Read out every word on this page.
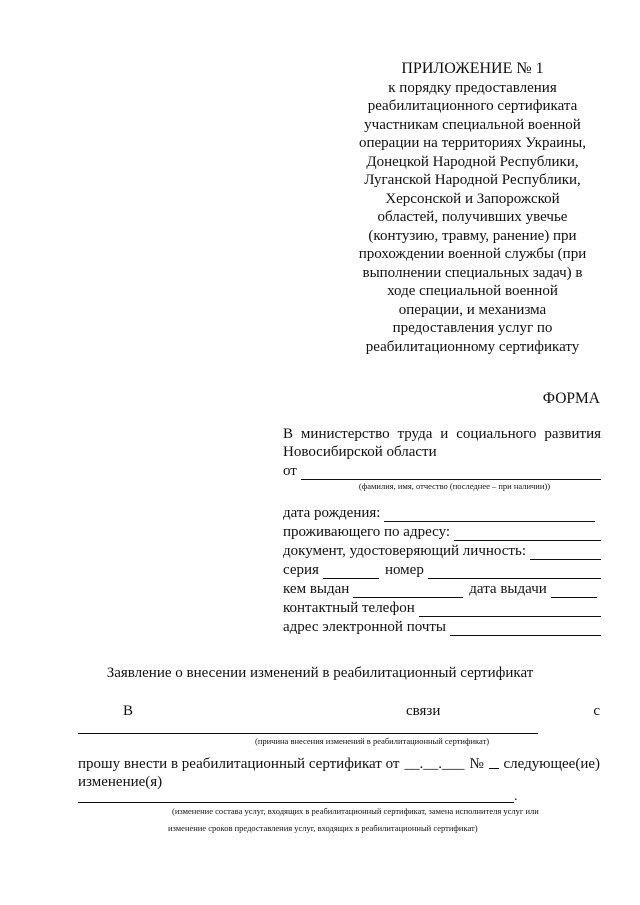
ПРИЛОЖЕНИЕ № 1
к порядку предоставления
реабилитационного сертификата
участникам специальной военной
операции на территориях Украины,
Донецкой Народной Республики,
Луганской Народной Республики,
Херсонской и Запорожской
областей, получивших увечье
(контузию, травму, ранение) при
прохождении военной службы (при
выполнении специальных задач) в
ходе специальной военной
операции, и механизма
предоставления услуг по
реабилитационному сертификату
ФОРМА
В министерство труда и социального развития
Новосибирской области
от
(фамилия, имя, отчество (последнее – при наличии))
дата рождения:
проживающего по адресу:
документ, удостоверяющий личность:
серия	номер
кем выдан	дата выдачи
контактный телефон
адрес электронной почты
Заявление о внесении изменений в реабилитационный сертификат
В	связи	с
(причина внесения изменений в реабилитационный сертификат)
прошу внести в реабилитационный сертификат от __.__.___ № следующее(ие)
изменение(я)
.
(изменение состава услуг, входящих в реабилитационный сертификат, замена исполнителя услуг или
изменение сроков предоставления услуг, входящих в реабилитационный сертификат)
